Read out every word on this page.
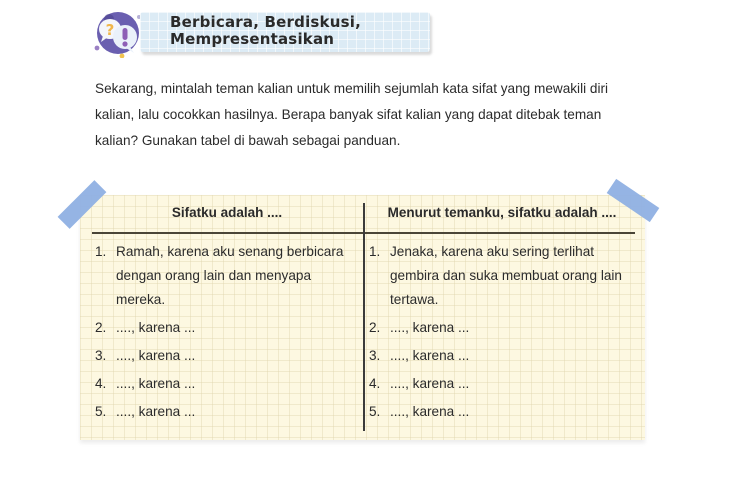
?	Berbicara, Berdiskusi,
Mempresentasikan

Sekarang, mintalah teman kalian untuk memilih sejumlah kata sifat yang mewakili diri kalian, lalu cocokkan hasilnya. Berapa banyak sifat kalian yang dapat ditebak teman kalian? Gunakan tabel di bawah sebagai panduan.

Sifatku adalah ....	Menurut temanku, sifatku adalah ....
1. Ramah, karena aku senang berbicara dengan orang lain dan menyapa mereka.
2. ...., karena ...
3. ...., karena ...
4. ...., karena ...
5. ...., karena ...
1. Jenaka, karena aku sering terlihat gembira dan suka membuat orang lain tertawa.
2. ...., karena ...
3. ...., karena ...
4. ...., karena ...
5. ...., karena ...
